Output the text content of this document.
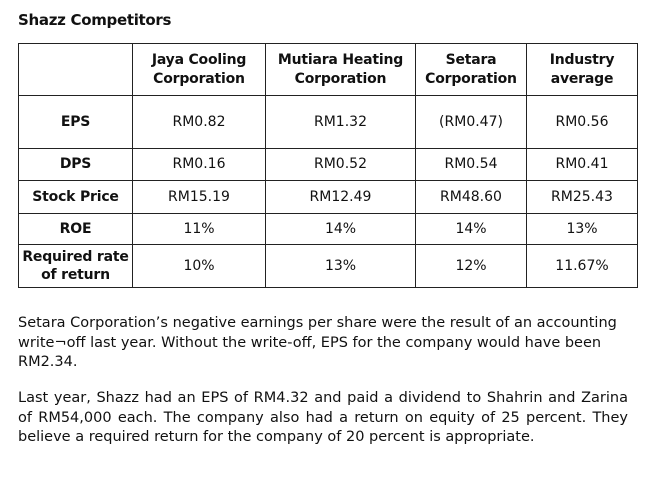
Shazz Competitors
	Jaya Cooling Corporation	Mutiara Heating Corporation	Setara Corporation	Industry average
EPS	RM0.82	RM1.32	(RM0.47)	RM0.56
DPS	RM0.16	RM0.52	RM0.54	RM0.41
Stock Price	RM15.19	RM12.49	RM48.60	RM25.43
ROE	11%	14%	14%	13%
Required rate of return	10%	13%	12%	11.67%

Setara Corporation’s negative earnings per share were the result of an accounting write¬off last year. Without the write-off, EPS for the company would have been RM2.34.

Last year, Shazz had an EPS of RM4.32 and paid a dividend to Shahrin and Zarina of RM54,000 each. The company also had a return on equity of 25 percent. They believe a required return for the company of 20 percent is appropriate.
